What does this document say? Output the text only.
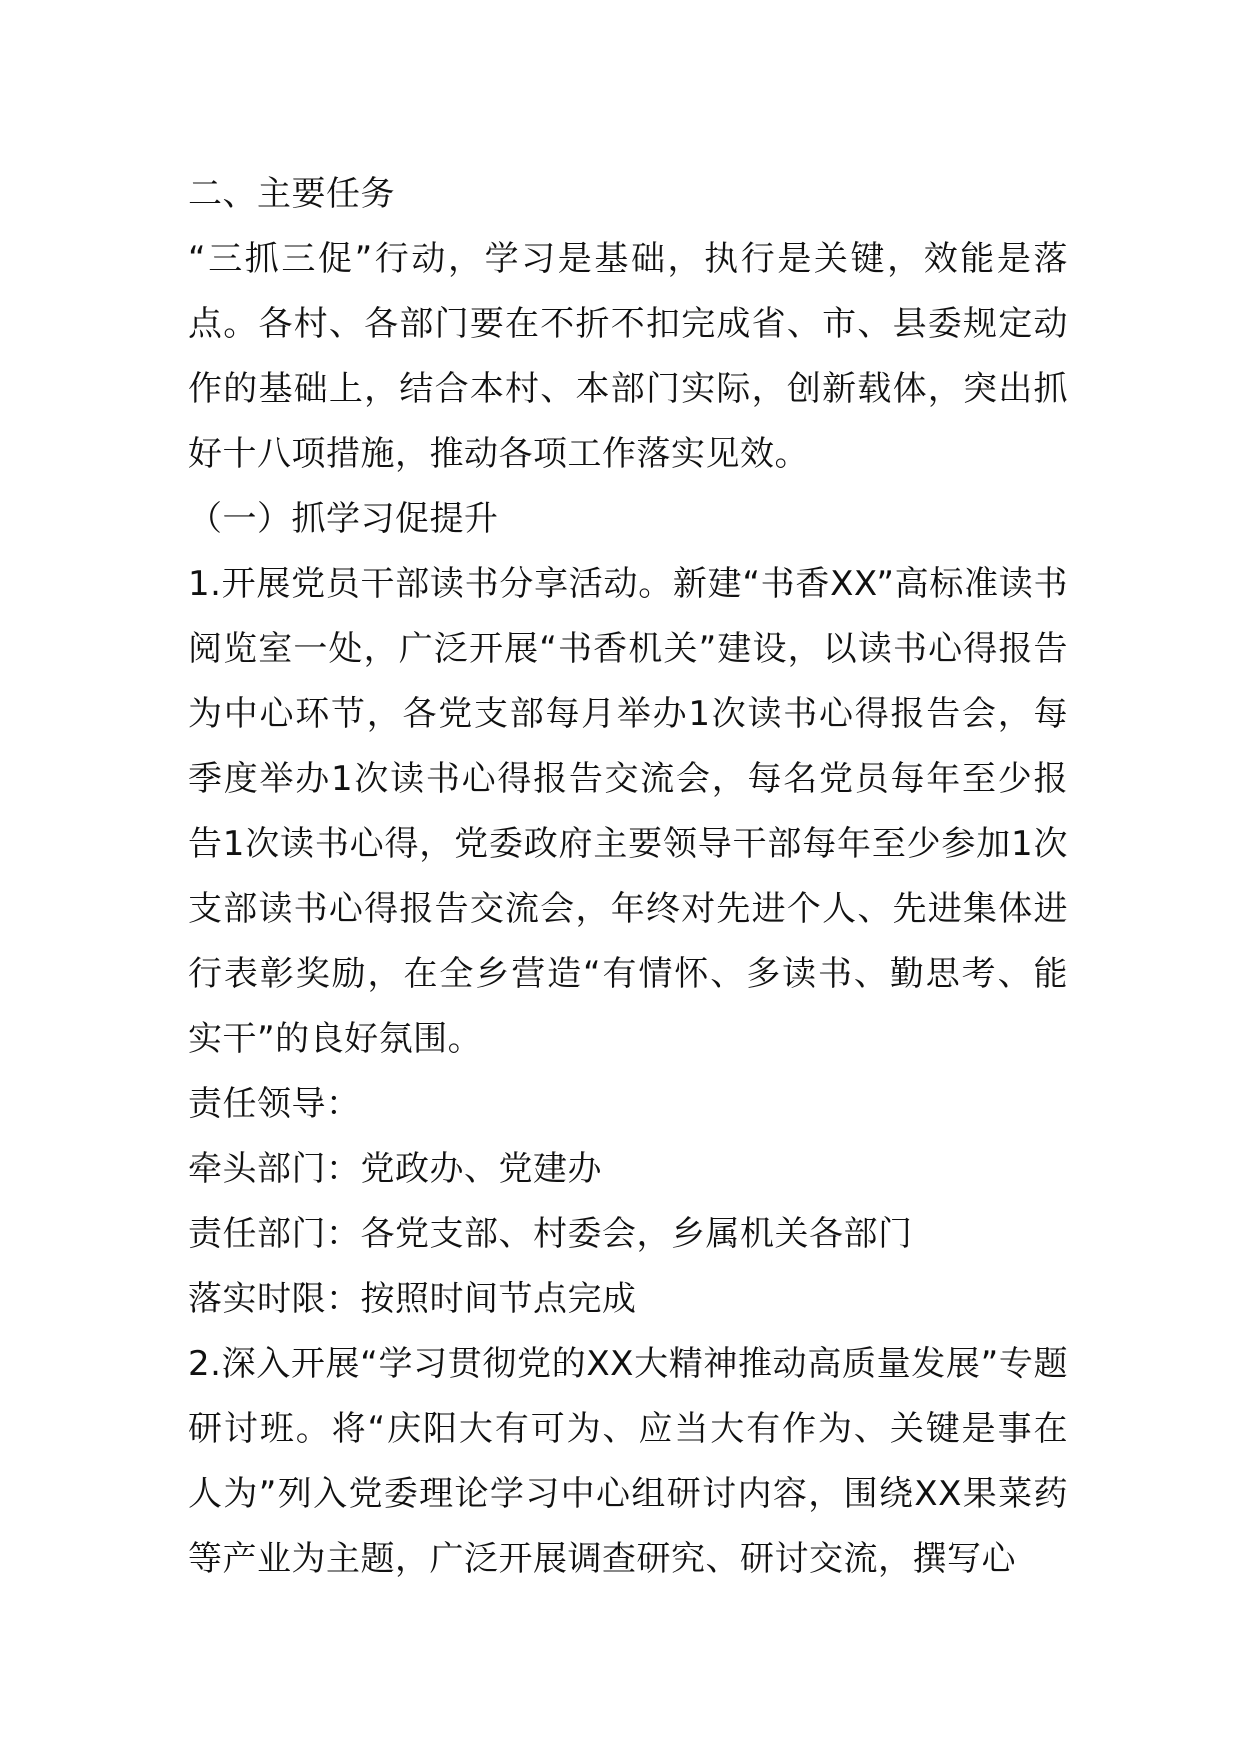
二、主要任务

“三抓三促”行动，学习是基础，执行是关键，效能是落点。各村、各部门要在不折不扣完成省、市、县委规定动作的基础上，结合本村、本部门实际，创新载体，突出抓好十八项措施，推动各项工作落实见效。

（一）抓学习促提升

1.开展党员干部读书分享活动。新建“书香XX”高标准读书阅览室一处，广泛开展“书香机关”建设，以读书心得报告为中心环节，各党支部每月举办1次读书心得报告会，每季度举办1次读书心得报告交流会，每名党员每年至少报告1次读书心得，党委政府主要领导干部每年至少参加1次支部读书心得报告交流会，年终对先进个人、先进集体进行表彰奖励，在全乡营造“有情怀、多读书、勤思考、能实干”的良好氛围。

责任领导：

牵头部门：党政办、党建办

责任部门：各党支部、村委会，乡属机关各部门

落实时限：按照时间节点完成

2.深入开展“学习贯彻党的XX大精神推动高质量发展”专题研讨班。将“庆阳大有可为、应当大有作为、关键是事在人为”列入党委理论学习中心组研讨内容，围绕XX果菜药等产业为主题，广泛开展调查研究、研讨交流，撰写心
